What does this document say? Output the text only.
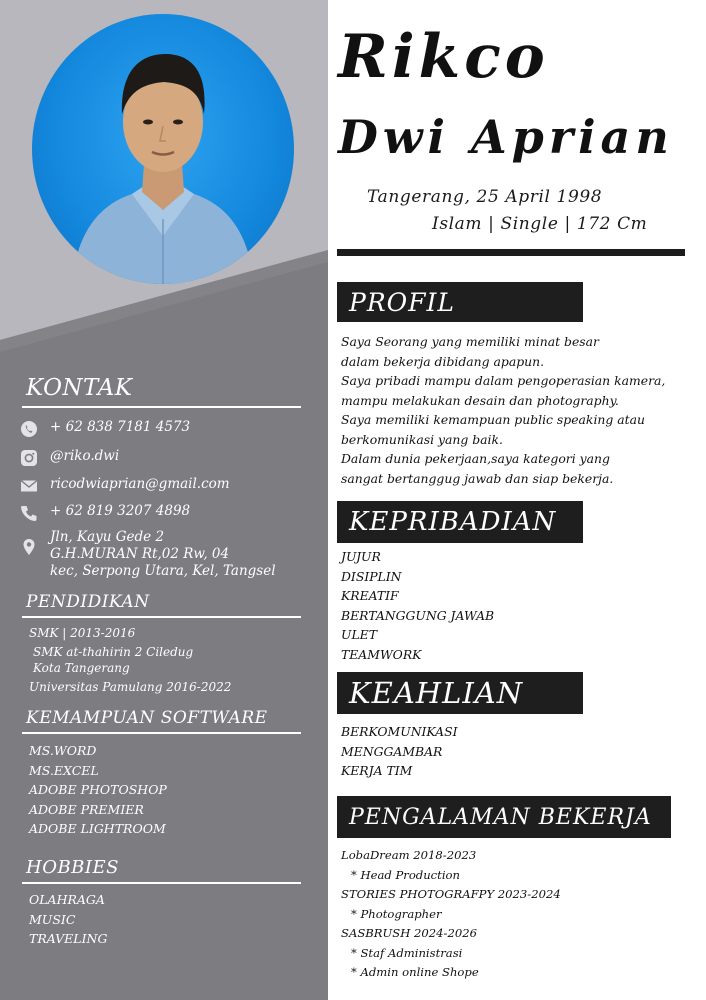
KONTAK
+ 62 838 7181 4573
@riko.dwi
ricodwiaprian@gmail.com
+ 62 819 3207 4898
Jln, Kayu Gede 2
G.H.MURAN Rt,02 Rw, 04
kec, Serpong Utara, Kel, Tangsel
PENDIDIKAN
SMK | 2013-2016
SMK at-thahirin 2 Ciledug
Kota Tangerang
Universitas Pamulang 2016-2022
KEMAMPUAN SOFTWARE
MS.WORD
MS.EXCEL
ADOBE PHOTOSHOP
ADOBE PREMIER
ADOBE LIGHTROOM
HOBBIES
OLAHRAGA
MUSIC
TRAVELING
Rikco
Dwi Aprian
Tangerang, 25 April 1998
Islam | Single | 172 Cm
PROFIL
Saya Seorang yang memiliki minat besar
dalam bekerja dibidang apapun.
Saya pribadi mampu dalam pengoperasian kamera,
mampu melakukan desain dan photography.
Saya memiliki kemampuan public speaking atau
berkomunikasi yang baik.
Dalam dunia pekerjaan,saya kategori yang
sangat bertanggug jawab dan siap bekerja.
KEPRIBADIAN
JUJUR
DISIPLIN
KREATIF
BERTANGGUNG JAWAB
ULET
TEAMWORK
KEAHLIAN
BERKOMUNIKASI
MENGGAMBAR
KERJA TIM
PENGALAMAN BEKERJA
LobaDream 2018-2023
* Head Production
STORIES PHOTOGRAFPY 2023-2024
* Photographer
SASBRUSH 2024-2026
* Staf Administrasi
* Admin online Shope
